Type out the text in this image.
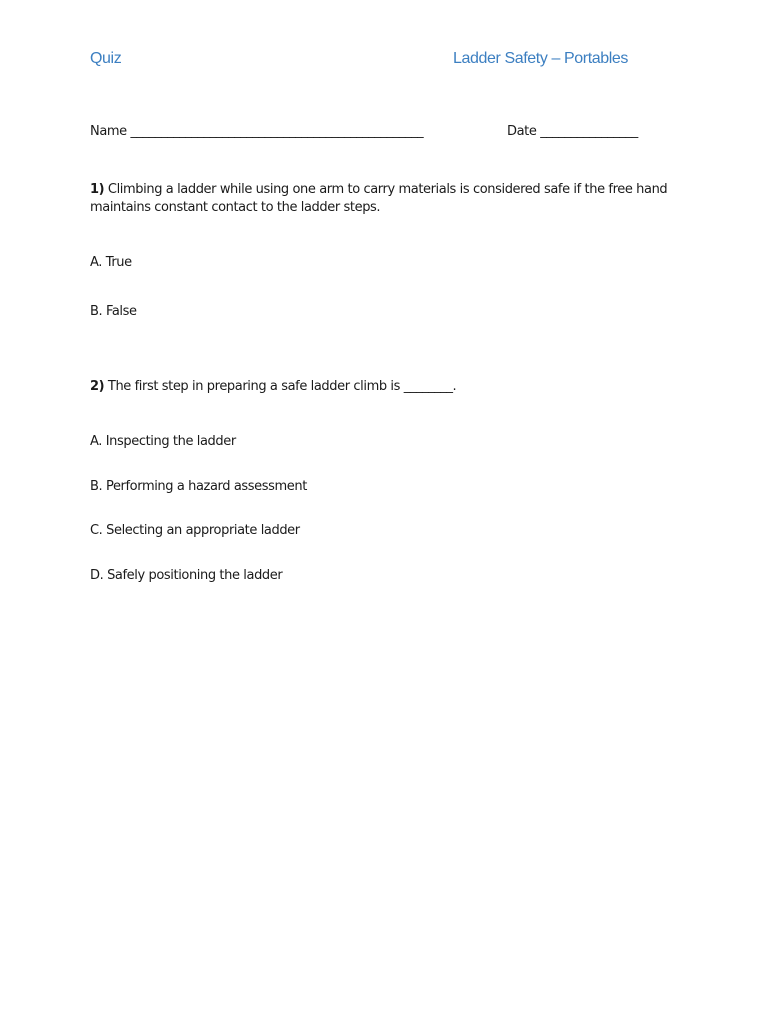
Quiz	Ladder Safety – Portables
Name ________________________________________________	Date ________________
1) Climbing a ladder while using one arm to carry materials is considered safe if the free hand maintains constant contact to the ladder steps.
A. True
B. False
2) The first step in preparing a safe ladder climb is ________.
A. Inspecting the ladder
B. Performing a hazard assessment
C. Selecting an appropriate ladder
D. Safely positioning the ladder
